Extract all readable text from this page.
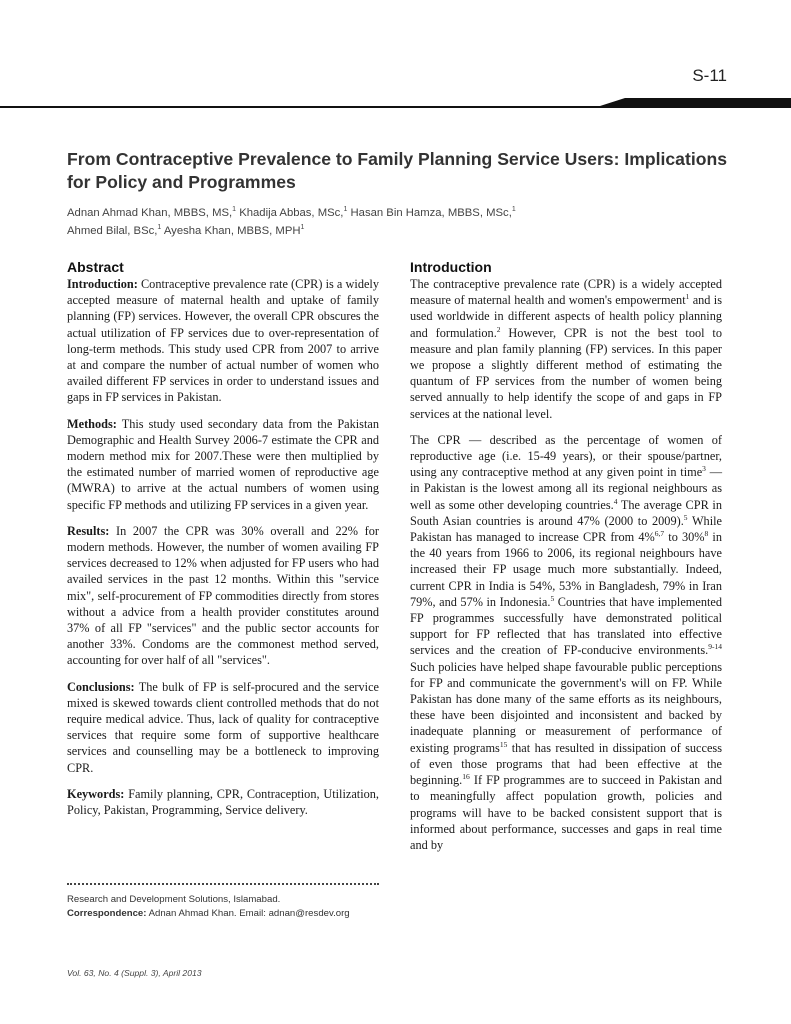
S-11
From Contraceptive Prevalence to Family Planning Service Users: Implications for Policy and Programmes
Adnan Ahmad Khan, MBBS, MS,$^1$ Khadija Abbas, MSc,$^1$ Hasan Bin Hamza, MBBS, MSc,$^1$
Ahmed Bilal, BSc,$^1$ Ayesha Khan, MBBS, MPH$^1$
Abstract

Introduction: Contraceptive prevalence rate (CPR) is a widely accepted measure of maternal health and uptake of family planning (FP) services. However, the overall CPR obscures the actual utilization of FP services due to over-representation of long-term methods. This study used CPR from 2007 to arrive at and compare the number of actual number of women who availed different FP services in order to understand issues and gaps in FP services in Pakistan.

Methods: This study used secondary data from the Pakistan Demographic and Health Survey 2006-7 estimate the CPR and modern method mix for 2007.These were then multiplied by the estimated number of married women of reproductive age (MWRA) to arrive at the actual numbers of women using specific FP methods and utilizing FP services in a given year.

Results: In 2007 the CPR was 30% overall and 22% for modern methods. However, the number of women availing FP services decreased to 12% when adjusted for FP users who had availed services in the past 12 months. Within this "service mix", self-procurement of FP commodities directly from stores without a advice from a health provider constitutes around 37% of all FP "services" and the public sector accounts for another 33%. Condoms are the commonest method served, accounting for over half of all "services".

Conclusions: The bulk of FP is self-procured and the service mixed is skewed towards client controlled methods that do not require medical advice. Thus, lack of quality for contraceptive services that require some form of supportive healthcare services and counselling may be a bottleneck to improving CPR.

Keywords: Family planning, CPR, Contraception, Utilization, Policy, Pakistan, Programming, Service delivery.

Introduction

The contraceptive prevalence rate (CPR) is a widely accepted measure of maternal health and women's empowerment$^1$ and is used worldwide in different aspects of health policy planning and formulation.$^2$ However, CPR is not the best tool to measure and plan family planning (FP) services. In this paper we propose a slightly different method of estimating the quantum of FP services from the number of women being served annually to help identify the scope of and gaps in FP services at the national level.

The CPR — described as the percentage of women of reproductive age (i.e. 15-49 years), or their spouse/partner, using any contraceptive method at any given point in time$^3$ — in Pakistan is the lowest among all its regional neighbours as well as some other developing countries.$^4$ The average CPR in South Asian countries is around 47% (2000 to 2009).$^5$ While Pakistan has managed to increase CPR from 4%$^{6,7}$ to 30%$^8$ in the 40 years from 1966 to 2006, its regional neighbours have increased their FP usage much more substantially. Indeed, current CPR in India is 54%, 53% in Bangladesh, 79% in Iran 79%, and 57% in Indonesia.$^5$ Countries that have implemented FP programmes successfully have demonstrated political support for FP reflected that has translated into effective services and the creation of FP-conducive environments.$^{9-14}$ Such policies have helped shape favourable public perceptions for FP and communicate the government's will on FP. While Pakistan has done many of the same efforts as its neighbours, these have been disjointed and inconsistent and backed by inadequate planning or measurement of performance of existing programs$^{15}$ that has resulted in dissipation of success of even those programs that had been effective at the beginning.$^{16}$ If FP programmes are to succeed in Pakistan and to meaningfully affect population growth, policies and programs will have to be backed consistent support that is informed about performance, successes and gaps in real time and by

Research and Development Solutions, Islamabad.
Correspondence: Adnan Ahmad Khan. Email: adnan@resdev.org
Vol. 63, No. 4 (Suppl. 3), April 2013
